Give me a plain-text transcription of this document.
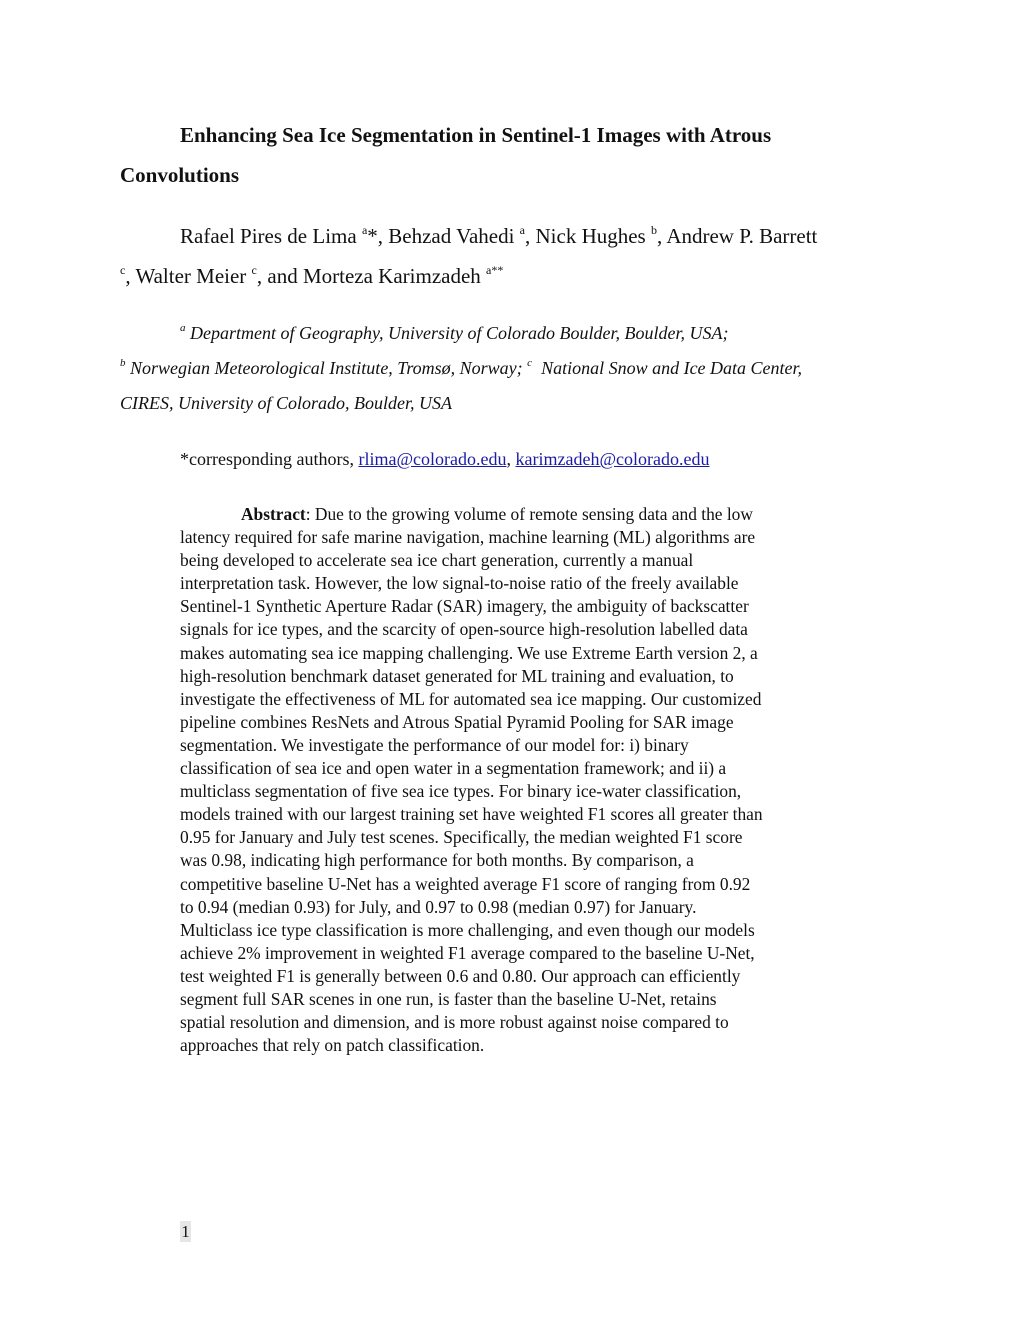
Enhancing Sea Ice Segmentation in Sentinel-1 Images with Atrous
Convolutions
Rafael Pires de Lima $^a$*, Behzad Vahedi $^a$, Nick Hughes $^b$, Andrew P. Barrett
$^c$, Walter Meier $^c$, and Morteza Karimzadeh $^{a**}$
$^a$ Department of Geography, University of Colorado Boulder, Boulder, USA;
$^b$ Norwegian Meteorological Institute, Tromsø, Norway; $^c$ National Snow and Ice Data Center,
CIRES, University of Colorado, Boulder, USA
*corresponding authors, rlima@colorado.edu, karimzadeh@colorado.edu
Abstract: Due to the growing volume of remote sensing data and the low
latency required for safe marine navigation, machine learning (ML) algorithms are
being developed to accelerate sea ice chart generation, currently a manual
interpretation task. However, the low signal-to-noise ratio of the freely available
Sentinel-1 Synthetic Aperture Radar (SAR) imagery, the ambiguity of backscatter
signals for ice types, and the scarcity of open-source high-resolution labelled data
makes automating sea ice mapping challenging. We use Extreme Earth version 2, a
high-resolution benchmark dataset generated for ML training and evaluation, to
investigate the effectiveness of ML for automated sea ice mapping. Our customized
pipeline combines ResNets and Atrous Spatial Pyramid Pooling for SAR image
segmentation. We investigate the performance of our model for: i) binary
classification of sea ice and open water in a segmentation framework; and ii) a
multiclass segmentation of five sea ice types. For binary ice-water classification,
models trained with our largest training set have weighted F1 scores all greater than
0.95 for January and July test scenes. Specifically, the median weighted F1 score
was 0.98, indicating high performance for both months. By comparison, a
competitive baseline U-Net has a weighted average F1 score of ranging from 0.92
to 0.94 (median 0.93) for July, and 0.97 to 0.98 (median 0.97) for January.
Multiclass ice type classification is more challenging, and even though our models
achieve 2% improvement in weighted F1 average compared to the baseline U-Net,
test weighted F1 is generally between 0.6 and 0.80. Our approach can efficiently
segment full SAR scenes in one run, is faster than the baseline U-Net, retains
spatial resolution and dimension, and is more robust against noise compared to
approaches that rely on patch classification.
1
